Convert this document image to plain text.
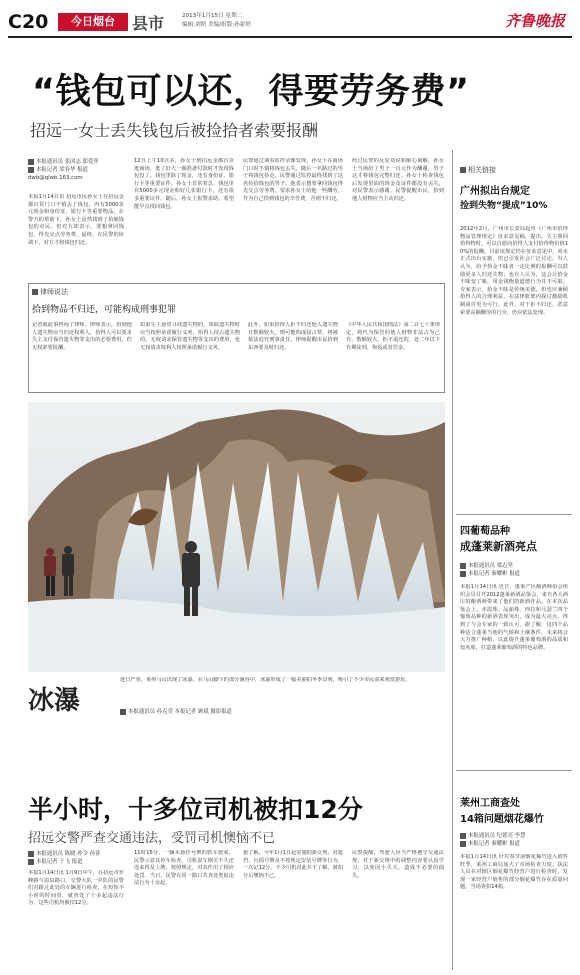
C20	今日烟台	县市	2013年1月15日 星期二
编辑:刘斯 美编/组版:孙霍婷	齐鲁晚报
“钱包可以还，得要劳务费”
招远一女士丢失钱包后被捡拾者索要报酬
本报通讯员 张国志 郎爱萍
本报记者 梁春华 报道
dwb@qlwb.163.com
本报1月14日讯 招远市民孙女士在招远金都百货门口不慎丢了钱包，内有5000多元现金和身份证、银行卡等重要物品。在警方的帮助下，孙女士虽然找到了拾她钱包的市民，但对方却表示，要想拿回钱包，得先交点劳务费。最终，在民警的协调下，对方才将钱包归还。
12日上午10点多，孙女士到招远金都百货逛商场，逛了好大一圈准备付款时才发现钱包没了。钱包里除了现金，还有身份证、银行卡等重要证件，孙女士非常着急。钱包里有5000多元现金和好几张银行卡，还有很多重要证件。随后，孙女士报警求助，希望能早点找回钱包。
民警通过调看监控录像发现，孙女士在商场门口时不慎将钱包丢失，随后一名路过的男子将钱包捡走。民警通过监控最终找到了这名捡拾钱包的男子，他表示想要拿回钱包得先交点劳务费，要求孙女士给他一些酬劳，作为自己拾到钱包的辛苦费，否则不归还。
经过民警的反复劝说和耐心调解，孙女士当场给了男子一百元作为酬谢，男子这才将钱包完整归还。孙女士检查钱包后发现里面的现金及证件都没有丢失，对民警表示感谢。民警提醒市民，拾到他人财物应当主动归还。
律师说法
拾到物品不归还，可能构成刑事犯罪
记者就此事咨询了律师，律师表示，拾到他人遗失物应当归还权利人，拾得人可以要求失主支付保管遗失物等支出的必要费用，但无权索要报酬。
如果失主悬赏寻找遗失物的，领取遗失物时应当按照承诺履行义务。拾得人侵占遗失物的，无权请求保管遗失物等支出的费用，也无权请求权利人按照承诺履行义务。
此外，如果拾得人拒不归还他人遗失物且数额较大，则可能构成侵占罪，将被依法追究刑事责任，律师提醒市民拾到东西要及时归还。
《中华人民共和国刑法》第二百七十条规定，将代为保管的他人财物非法占为己有，数额较大，拒不退还的，处二年以下有期徒刑、拘役或者罚金。
相关链接
广州拟出台规定
捡到失物“提成”10%
2012年2月，广州市公安局起草《广州市拾得物品管理规定》征求意见稿，提出，失主领回拾得物时，可以自愿向拾得人支付拾得物价值10%的报酬。目前该规定仍在征求意见中，尚未正式出台实施，但已引发社会广泛讨论。有人认为，给予拾金不昧者一定比例的报酬可以鼓励更多人归还失物；也有人认为，这会让拾金不昧变了味，用金钱衡量道德行为并不可取。专家表示，拾金不昧是传统美德，但也应兼顾拾得人的合理利益，在法律框架内探讨激励机制或许更为可行。此外，对于拒不归还、恶意索要高额酬劳的行为，仍应依法处理。
冰瀑
连日严寒，莱州马山出现了冰瀑。在马山脚下的部分溪谷中，冰瀑形成了一幅美丽的冬季景观，吸引了不少市民前来观赏游玩。
本报通讯员 孙克堂 本报记者 顾斌 摄影报道
半小时，十多位司机被扣12分
招远交警严查交通违法，受罚司机懊恼不已
本报通讯员 陈晓 孙令 孙菁
本报记者 于飞 报道
本报1月14日讯 1月9日中午，在招远市罗峰路与温泉路口，交警大队一中队的民警们对路过此处的车辆进行检查，在短短半小时的时间里，就查处了十多起违法行为，这些司机均被扣12分。
11时15分，一辆未悬挂号牌的轿车驶来，民警示意其停车检查。司机说车刚买不久还没来得及上牌，按照规定，对其作出了相应处罚。当日，民警在同一路口共查处类似违法行为十余起。
据了解，今年1月1日起实施的新交规，对遮挡、污损号牌及不按规定安装号牌等行为，一次记12分。不少司机对此并不了解，被扣分后懊恼不已。
民警提醒，驾驶人应当严格遵守交通法规，对于新交规中的调整内容要认真学习，以免因小失大，造成不必要的损失。
四葡萄品种
成蓬莱新酒亮点
本报通讯员 梁志坚
本报记者 秦耀彬 报道
本报1月14日讯 近日，蓬莱产区酿酒师协会组织会员召开2012蓬莱新酒品鉴会，来自各大酒庄的酿酒师带来了他们的新酒作品。在本次品鉴会上，赤霞珠、品丽珠、西拉和马瑟兰四个葡萄品种的新酒表现突出，成为最大亮点，得到了与会专家的一致认可。据了解，这四个品种适合蓬莱当地的气候和土壤条件，未来将会大力推广种植，以此提升蓬莱葡萄酒的品质和知名度，打造蓬莱葡萄酒的特色品牌。
莱州工商查处
14箱问题烟花爆竹
本报通讯员 纪德亮 李慧
本报记者 秦耀彬 报道
本报1月14日讯 针对春节前烟花爆竹进入销售旺季，莱州工商局加大了市场检查力度。执法人员在对辖区烟花爆竹经营户进行检查时，发现一家经营户销售的部分烟花爆竹存在质量问题，当场查扣14箱。
